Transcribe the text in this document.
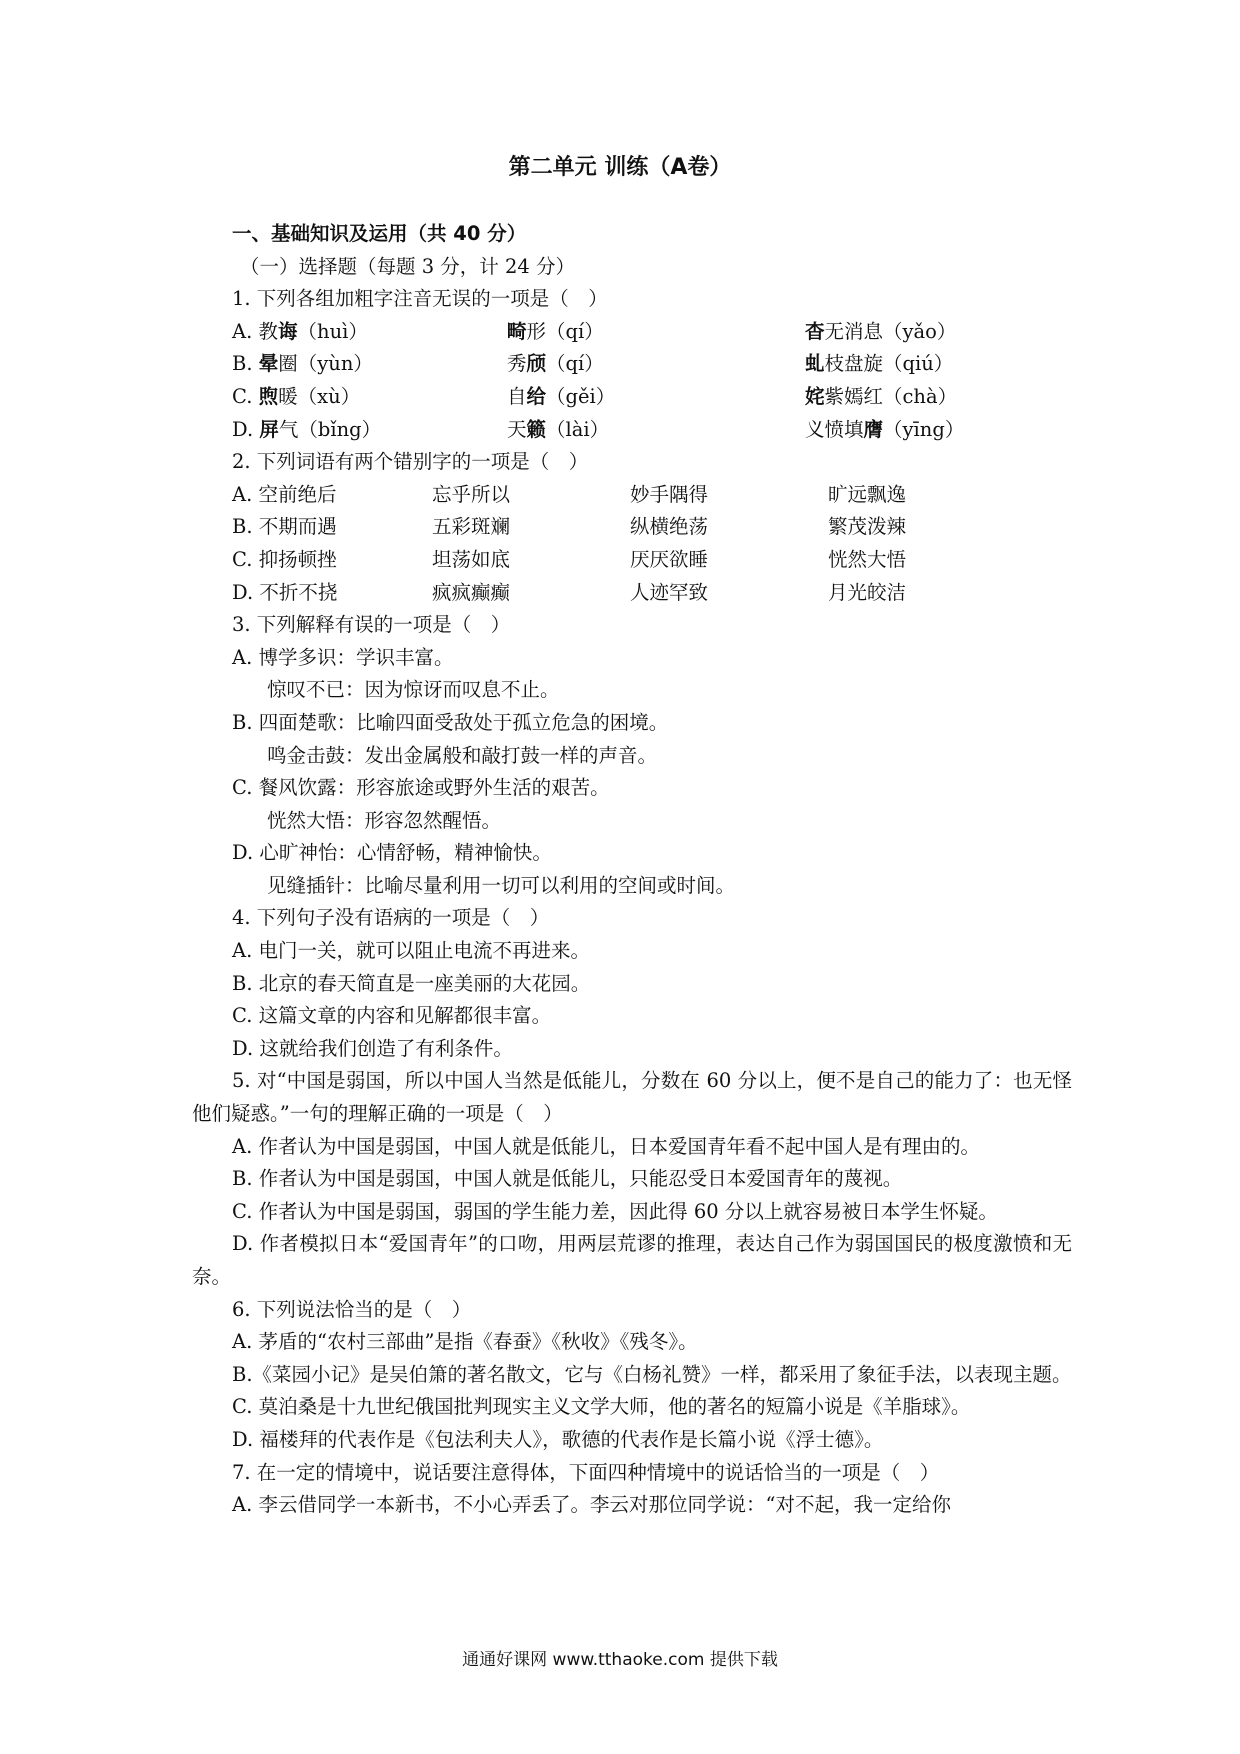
第二单元 训练（A卷）
一、基础知识及运用（共 40 分）
（一）选择题（每题 3 分，计 24 分）
1. 下列各组加粗字注音无误的一项是（　）
A. 教诲（huì）	畸形（qí）	杳无消息（yǎo）
B. 晕圈（yùn）	秀颀（qí）	虬枝盘旋（qiú）
C. 煦暖（xù）	自给（gěi）	姹紫嫣红（chà）
D. 屏气（bǐng）	天籁（lài）	义愤填膺（yīng）
2. 下列词语有两个错别字的一项是（　）
A. 空前绝后	忘乎所以	妙手隅得	旷远飘逸
B. 不期而遇	五彩斑斓	纵横绝荡	繁茂泼辣
C. 抑扬顿挫	坦荡如底	厌厌欲睡	恍然大悟
D. 不折不挠	疯疯癫癫	人迹罕致	月光皎洁
3. 下列解释有误的一项是（　）
A. 博学多识：学识丰富。
惊叹不已：因为惊讶而叹息不止。
B. 四面楚歌：比喻四面受敌处于孤立危急的困境。
鸣金击鼓：发出金属般和敲打鼓一样的声音。
C. 餐风饮露：形容旅途或野外生活的艰苦。
恍然大悟：形容忽然醒悟。
D. 心旷神怡：心情舒畅，精神愉快。
见缝插针：比喻尽量利用一切可以利用的空间或时间。
4. 下列句子没有语病的一项是（　）
A. 电门一关，就可以阻止电流不再进来。
B. 北京的春天简直是一座美丽的大花园。
C. 这篇文章的内容和见解都很丰富。
D. 这就给我们创造了有利条件。
5. 对“中国是弱国，所以中国人当然是低能儿，分数在 60 分以上，便不是自己的能力了：也无怪他们疑惑。”一句的理解正确的一项是（　）
A. 作者认为中国是弱国，中国人就是低能儿，日本爱国青年看不起中国人是有理由的。
B. 作者认为中国是弱国，中国人就是低能儿，只能忍受日本爱国青年的蔑视。
C. 作者认为中国是弱国，弱国的学生能力差，因此得 60 分以上就容易被日本学生怀疑。
D. 作者模拟日本“爱国青年”的口吻，用两层荒谬的推理，表达自己作为弱国国民的极度激愤和无奈。
6. 下列说法恰当的是（　）
A. 茅盾的“农村三部曲”是指《春蚕》《秋收》《残冬》。
B.《菜园小记》是吴伯箫的著名散文，它与《白杨礼赞》一样，都采用了象征手法，以表现主题。
C. 莫泊桑是十九世纪俄国批判现实主义文学大师，他的著名的短篇小说是《羊脂球》。
D. 福楼拜的代表作是《包法利夫人》，歌德的代表作是长篇小说《浮士德》。
7. 在一定的情境中，说话要注意得体，下面四种情境中的说话恰当的一项是（　）
A. 李云借同学一本新书，不小心弄丢了。李云对那位同学说：“对不起，我一定给你
通通好课网 www.tthaoke.com 提供下载
